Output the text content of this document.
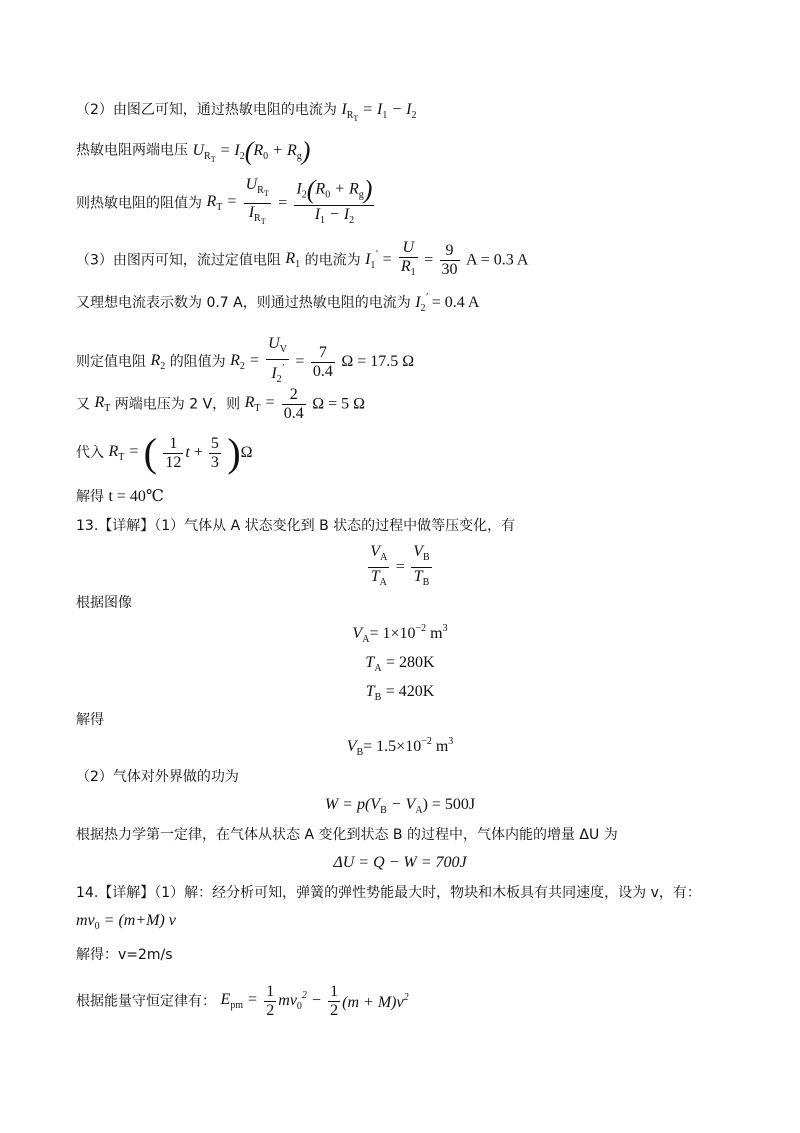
（2）由图乙可知，通过热敏电阻的电流为 $I_{R_T} = I_1 - I_2$
热敏电阻两端电压 $U_{R_T} = I_2(R_0 + R_g)$
则热敏电阻的阻值为 $R_T = \frac{U_{R_T}}{I_{R_T}} = \frac{I_2(R_0 + R_g)}{I_1 - I_2}$
（3）由图丙可知，流过定值电阻 $R_1$ 的电流为 $I_1' = \frac{U}{R_1} = \frac{9}{30}$ A = 0.3 A
又理想电流表示数为 0.7 A，则通过热敏电阻的电流为 $I_2' = 0.4$ A
则定值电阻 $R_2$ 的阻值为 $R_2 = \frac{U_V}{I_2'} = \frac{7}{0.4}$ Ω = 17.5 Ω
又 $R_T$ 两端电压为 2 V，则 $R_T = \frac{2}{0.4}$ Ω = 5 Ω
代入 $R_T$ = ( $\frac{1}{12}$ $t + \frac{5}{3} )\Omega$
解得 t = 40℃
13.【详解】（1）气体从 A 状态变化到 B 状态的过程中做等压变化，有
$\frac{V_A}{T_A} = \frac{V_B}{T_B}$
根据图像
$V_A= 1\times 10^{-2}$ $m^3$
$T_A = 280K$
$T_B = 420K$
解得
$V_B= 1.5\times 10^{-2}$ $m^3$
（2）气体对外界做的功为
$W = p(V_B - V_A) = 500J$
根据热力学第一定律，在气体从状态 A 变化到状态 B 的过程中，气体内能的增量 ΔU 为
ΔU = Q − W = 700J
14.【详解】（1）解：经分析可知，弹簧的弹性势能最大时，物块和木板具有共同速度，设为 v，有：
$mv_0 = (m+M)$ v
解得：v=2m/s
根据能量守恒定律有： $E_{pm} = \frac{1}{2} mv_0^2 - \frac{1}{2} (m + M)v^2$
